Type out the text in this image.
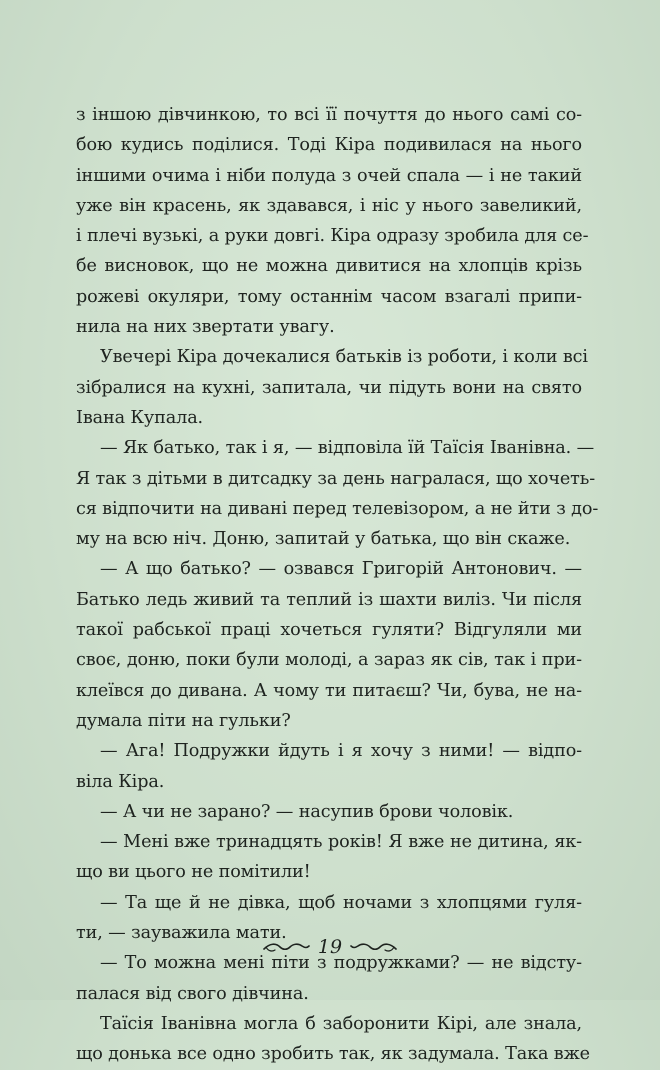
з іншою дівчинкою, то всі її почуття до нього самі со-
бою кудись поділися. Тоді Кіра подивилася на нього
іншими очима і ніби полуда з очей спала — і не такий
уже він красень, як здавався, і ніс у нього завеликий,
і плечі вузькі, а руки довгі. Кіра одразу зробила для се-
бе висновок, що не можна дивитися на хлопців крізь
рожеві окуляри, тому останнім часом взагалі припи-
нила на них звертати увагу.
Увечері Кіра дочекалися батьків із роботи, і коли всі
зібралися на кухні, запитала, чи підуть вони на свято
Івана Купала.
— Як батько, так і я, — відповіла їй Таїсія Іванівна. —
Я так з дітьми в дитсадку за день награлася, що хочеть-
ся відпочити на дивані перед телевізором, а не йти з до-
му на всю ніч. Доню, запитай у батька, що він скаже.
— А що батько? — озвався Григорій Антонович. —
Батько ледь живий та теплий із шахти виліз. Чи після
такої рабської праці хочеться гуляти? Відгуляли ми
своє, доню, поки були молоді, а зараз як сів, так і при-
клеївся до дивана. А чому ти питаєш? Чи, бува, не на-
думала піти на гульки?
— Ага! Подружки йдуть і я хочу з ними! — відпо-
віла Кіра.
— А чи не зарано? — насупив брови чоловік.
— Мені вже тринадцять років! Я вже не дитина, як-
що ви цього не помітили!
— Та ще й не дівка, щоб ночами з хлопцями гуля-
ти, — зауважила мати.
— То можна мені піти з подружками? — не відсту-
палася від свого дівчина.
Таїсія Іванівна могла б заборонити Кірі, але знала,
що донька все одно зробить так, як задумала. Така вже
19
